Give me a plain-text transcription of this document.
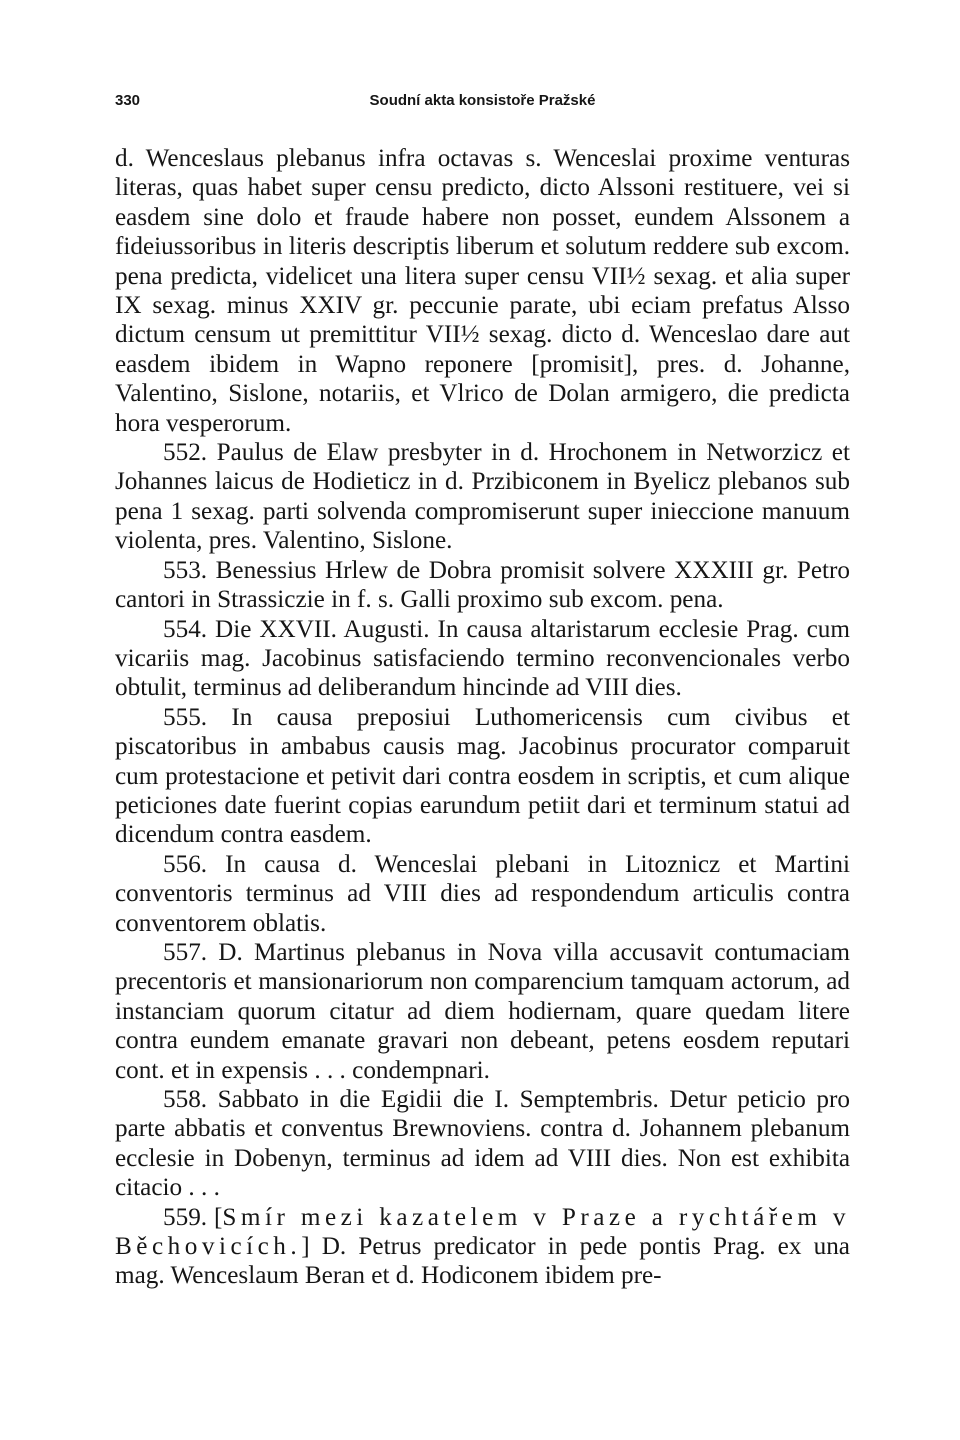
330	Soudní akta konsistoře Pražské

d. Wenceslaus plebanus infra octavas s. Wenceslai proxime venturas literas, quas habet super censu predicto, dicto Alssoni restituere, vei si easdem sine dolo et fraude habere non posset, eundem Alssonem a fideiussoribus in literis descriptis liberum et solutum reddere sub excom. pena predicta, videlicet una litera super censu VII½ sexag. et alia super IX sexag. minus XXIV gr. peccunie parate, ubi eciam prefatus Alsso dictum censum ut premittitur VII½ sexag. dicto d. Wenceslao dare aut easdem ibidem in Wapno reponere [promisit], pres. d. Johanne, Valentino, Sislone, notariis, et Vlrico de Dolan armigero, die predicta hora vesperorum.

552. Paulus de Elaw presbyter in d. Hrochonem in Networzicz et Johannes laicus de Hodieticz in d. Przibiconem in Byelicz plebanos sub pena 1 sexag. parti solvenda compromiserunt super inieccione manuum violenta, pres. Valentino, Sislone.

553. Benessius Hrlew de Dobra promisit solvere XXXIII gr. Petro cantori in Strassiczie in f. s. Galli proximo sub excom. pena.

554. Die XXVII. Augusti. In causa altaristarum ecclesie Prag. cum vicariis mag. Jacobinus satisfaciendo termino reconvencionales verbo obtulit, terminus ad deliberandum hincinde ad VIII dies.

555. In causa preposiui Luthomericensis cum civibus et piscatoribus in ambabus causis mag. Jacobinus procurator comparuit cum protestacione et petivit dari contra eosdem in scriptis, et cum alique peticiones date fuerint copias earundum petiit dari et terminum statui ad dicendum contra easdem.

556. In causa d. Wenceslai plebani in Litoznicz et Martini conventoris terminus ad VIII dies ad respondendum articulis contra conventorem oblatis.

557. D. Martinus plebanus in Nova villa accusavit contumaciam precentoris et mansionariorum non comparencium tamquam actorum, ad instanciam quorum citatur ad diem hodiernam, quare quedam litere contra eundem emanate gravari non debeant, petens eosdem reputari cont. et in expensis . . . condempnari.

558. Sabbato in die Egidii die I. Semptembris. Detur peticio pro parte abbatis et conventus Brewnoviens. contra d. Johannem plebanum ecclesie in Dobenyn, terminus ad idem ad VIII dies. Non est exhibita citacio . . .

559. [Smír mezi kazatelem v Praze a rychtářem v Běchovicích.] D. Petrus predicator in pede pontis Prag. ex una mag. Wenceslaum Beran et d. Hodiconem ibidem pre-
